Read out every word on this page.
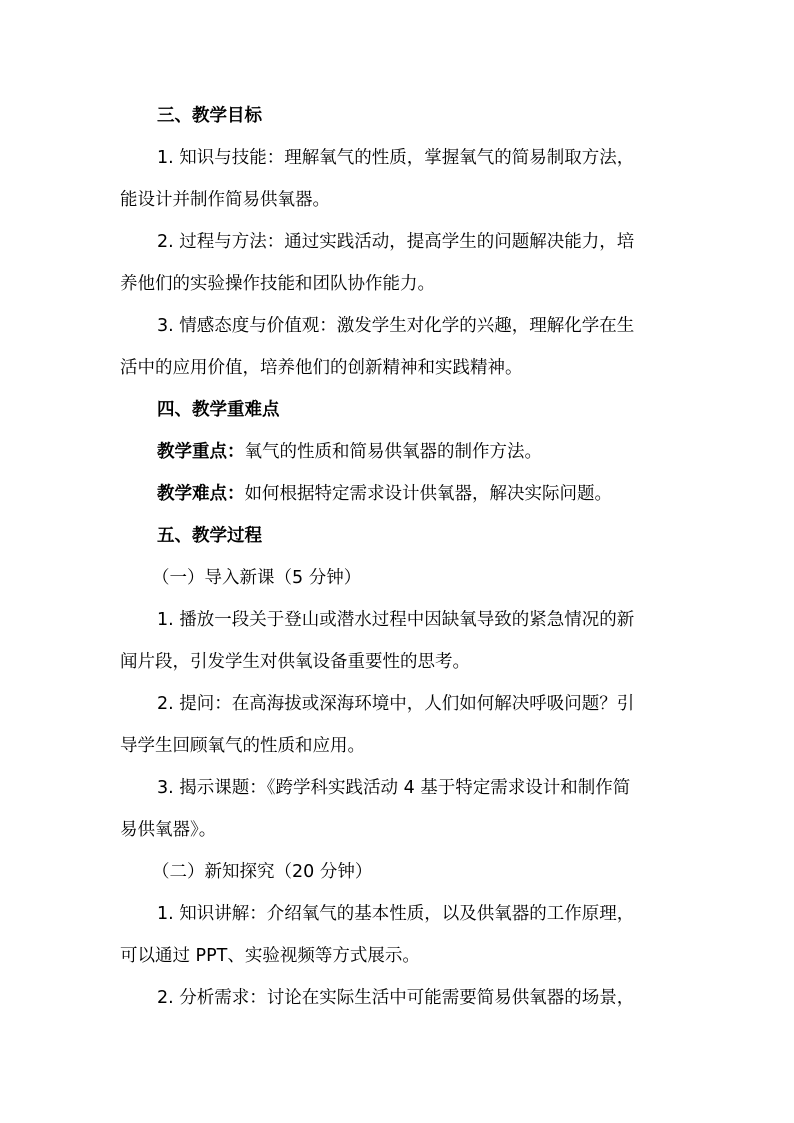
三、教学目标
1. 知识与技能：理解氧气的性质，掌握氧气的简易制取方法，
能设计并制作简易供氧器。
2. 过程与方法：通过实践活动，提高学生的问题解决能力，培
养他们的实验操作技能和团队协作能力。
3. 情感态度与价值观：激发学生对化学的兴趣，理解化学在生
活中的应用价值，培养他们的创新精神和实践精神。
四、教学重难点
教学重点：氧气的性质和简易供氧器的制作方法。
教学难点：如何根据特定需求设计供氧器，解决实际问题。
五、教学过程
（一）导入新课（5 分钟）
1. 播放一段关于登山或潜水过程中因缺氧导致的紧急情况的新
闻片段，引发学生对供氧设备重要性的思考。
2. 提问：在高海拔或深海环境中，人们如何解决呼吸问题？引
导学生回顾氧气的性质和应用。
3. 揭示课题：《跨学科实践活动 4 基于特定需求设计和制作简
易供氧器》。
（二）新知探究（20 分钟）
1. 知识讲解：介绍氧气的基本性质，以及供氧器的工作原理，
可以通过 PPT、实验视频等方式展示。
2. 分析需求：讨论在实际生活中可能需要简易供氧器的场景，
